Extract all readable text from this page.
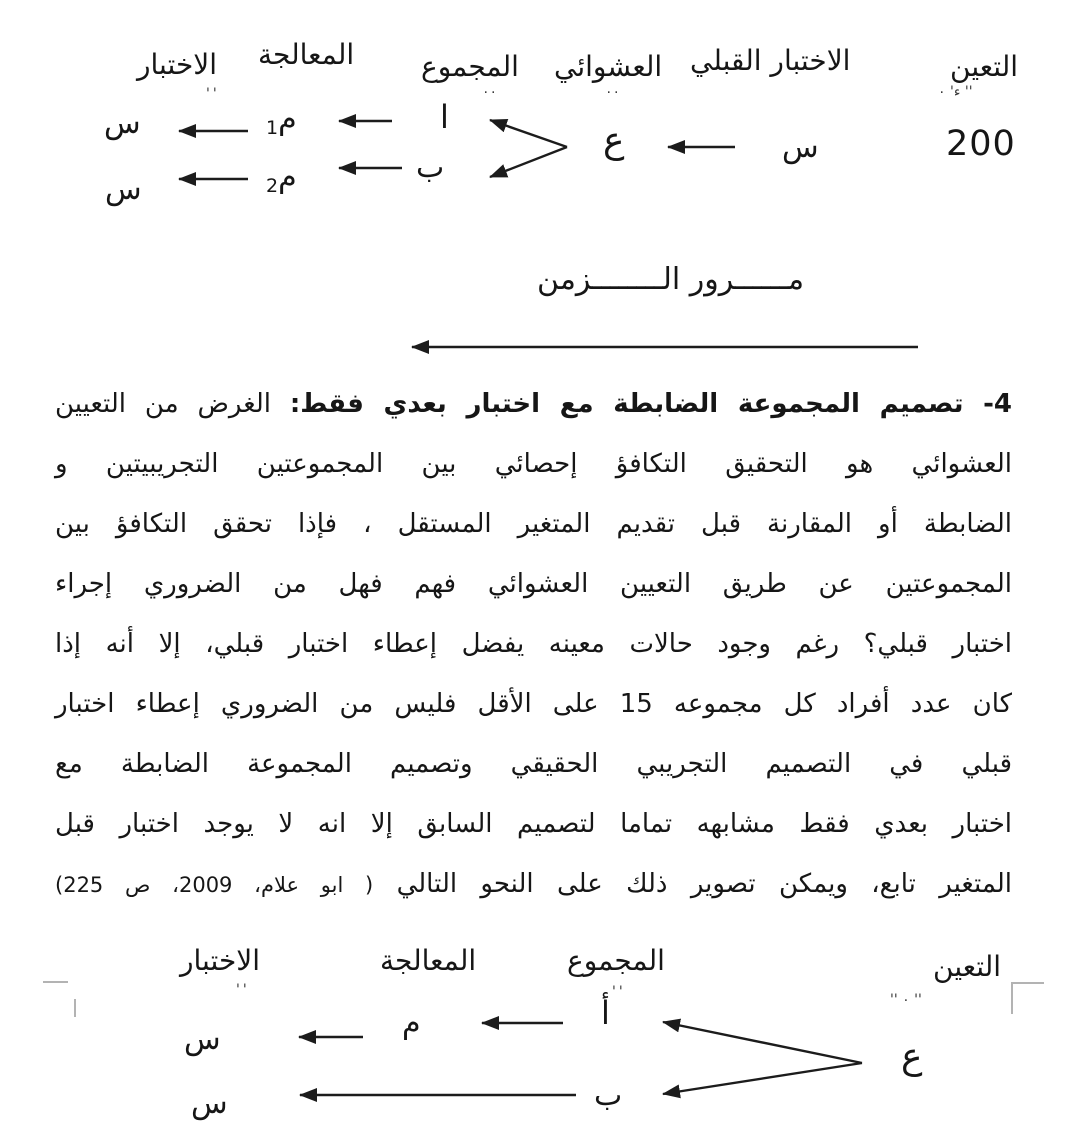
الاختبار المعالجة المجموع العشوائي الاختبار القبلي	التعين
''	٠٠	٠٠	ء' ٠ ''
200
س
ع
ا
ب
م1
م2
س
س
مــــــرور الــــــــزمن
4- تصميم المجموعة الضابطة مع اختبار بعدي فقط: الغرض من التعيين
العشوائي هو التحقيق التكافؤ إحصائي بين المجموعتين التجريبيتين و
الضابطة أو المقارنة قبل تقديم المتغير المستقل ، فإذا تحقق التكافؤ بين
المجموعتين عن طريق التعيين العشوائي فهم فهل من الضروري إجراء
اختبار قبلي؟ رغم وجود حالات معينه يفضل إعطاء اختبار قبلي، إلا أنه إذا
كان عدد أفراد كل مجموعه 15 على الأقل فليس من الضروري إعطاء اختبار
قبلي في التصميم التجريبي الحقيقي وتصميم المجموعة الضابطة مع
اختبار بعدي فقط مشابهه تماما لتصميم السابق إلا انه لا يوجد اختبار قبل
المتغير تابع، ويمكن تصوير ذلك على النحو التالي ( ابو علام، 2009، ص 225)
الاختبار	المعالجة	المجموع	التعين
''	''	'' ٠ ''
ع
أ
ب
م
س
س
